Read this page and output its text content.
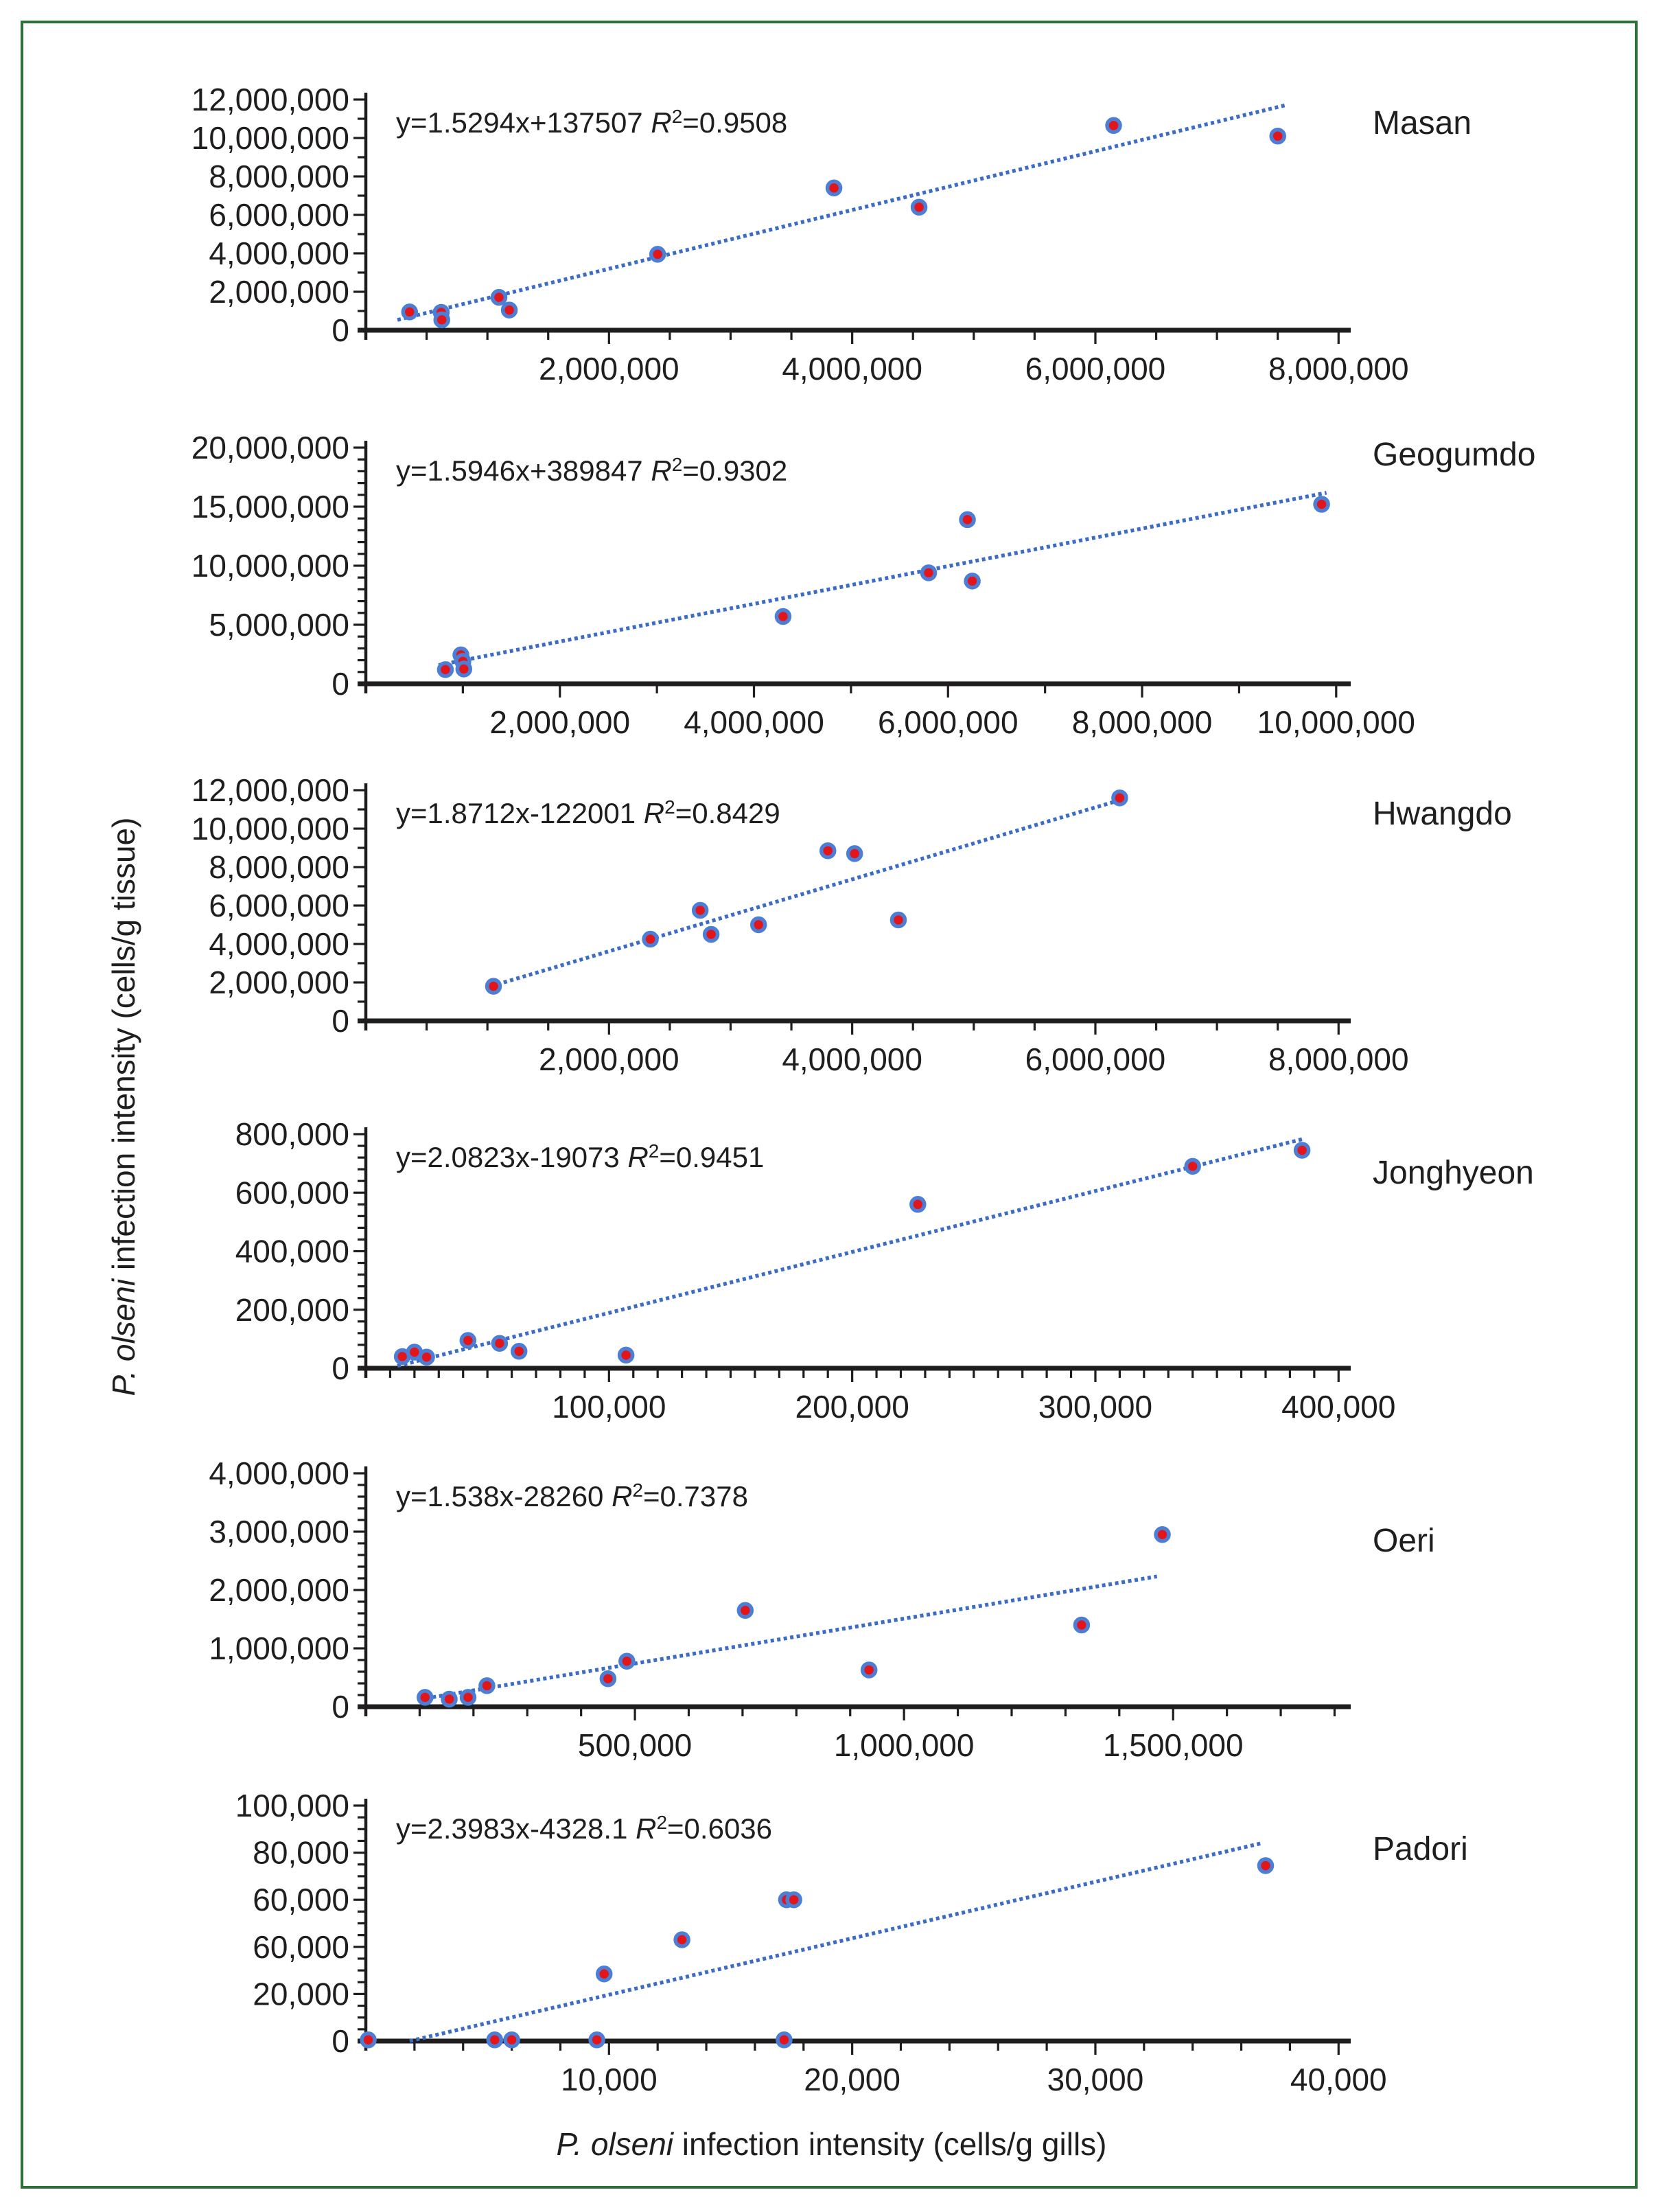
0
2,000,000
4,000,000
6,000,000
8,000,000
10,000,000
12,000,000
2,000,000	4,000,000	6,000,000	8,000,000
y=1.5294x+137507 $R^2=0.9508$	Masan
0
5,000,000
10,000,000
15,000,000
20,000,000
2,000,000 4,000,000 6,000,000 8,000,000 10,000,000
y=1.5946x+389847 $R^2=0.9302$	Geogumdo
0
2,000,000
4,000,000
6,000,000
8,000,000
10,000,000
12,000,000
2,000,000	4,000,000	6,000,000	8,000,000
y=1.8712x-122001 $R^2=0.8429$	Hwangdo
0
200,000
400,000
600,000
800,000
100,000	200,000	300,000	400,000
y=2.0823x-19073 $R^2=0.9451$	Jonghyeon
0
1,000,000
2,000,000
3,000,000
4,000,000
500,000	1,000,000	1,500,000
y=1.538x-28260 $R^2=0.7378$
Oeri
0
20,000
60,000
60,000
80,000
100,000
10,000	20,000	30,000	40,000
y=2.3983x-4328.1 $R^2=0.6036$
Padori
P. olseni infection intensity (cells/g tissue)
P. olseni infection intensity (cells/g gills)
